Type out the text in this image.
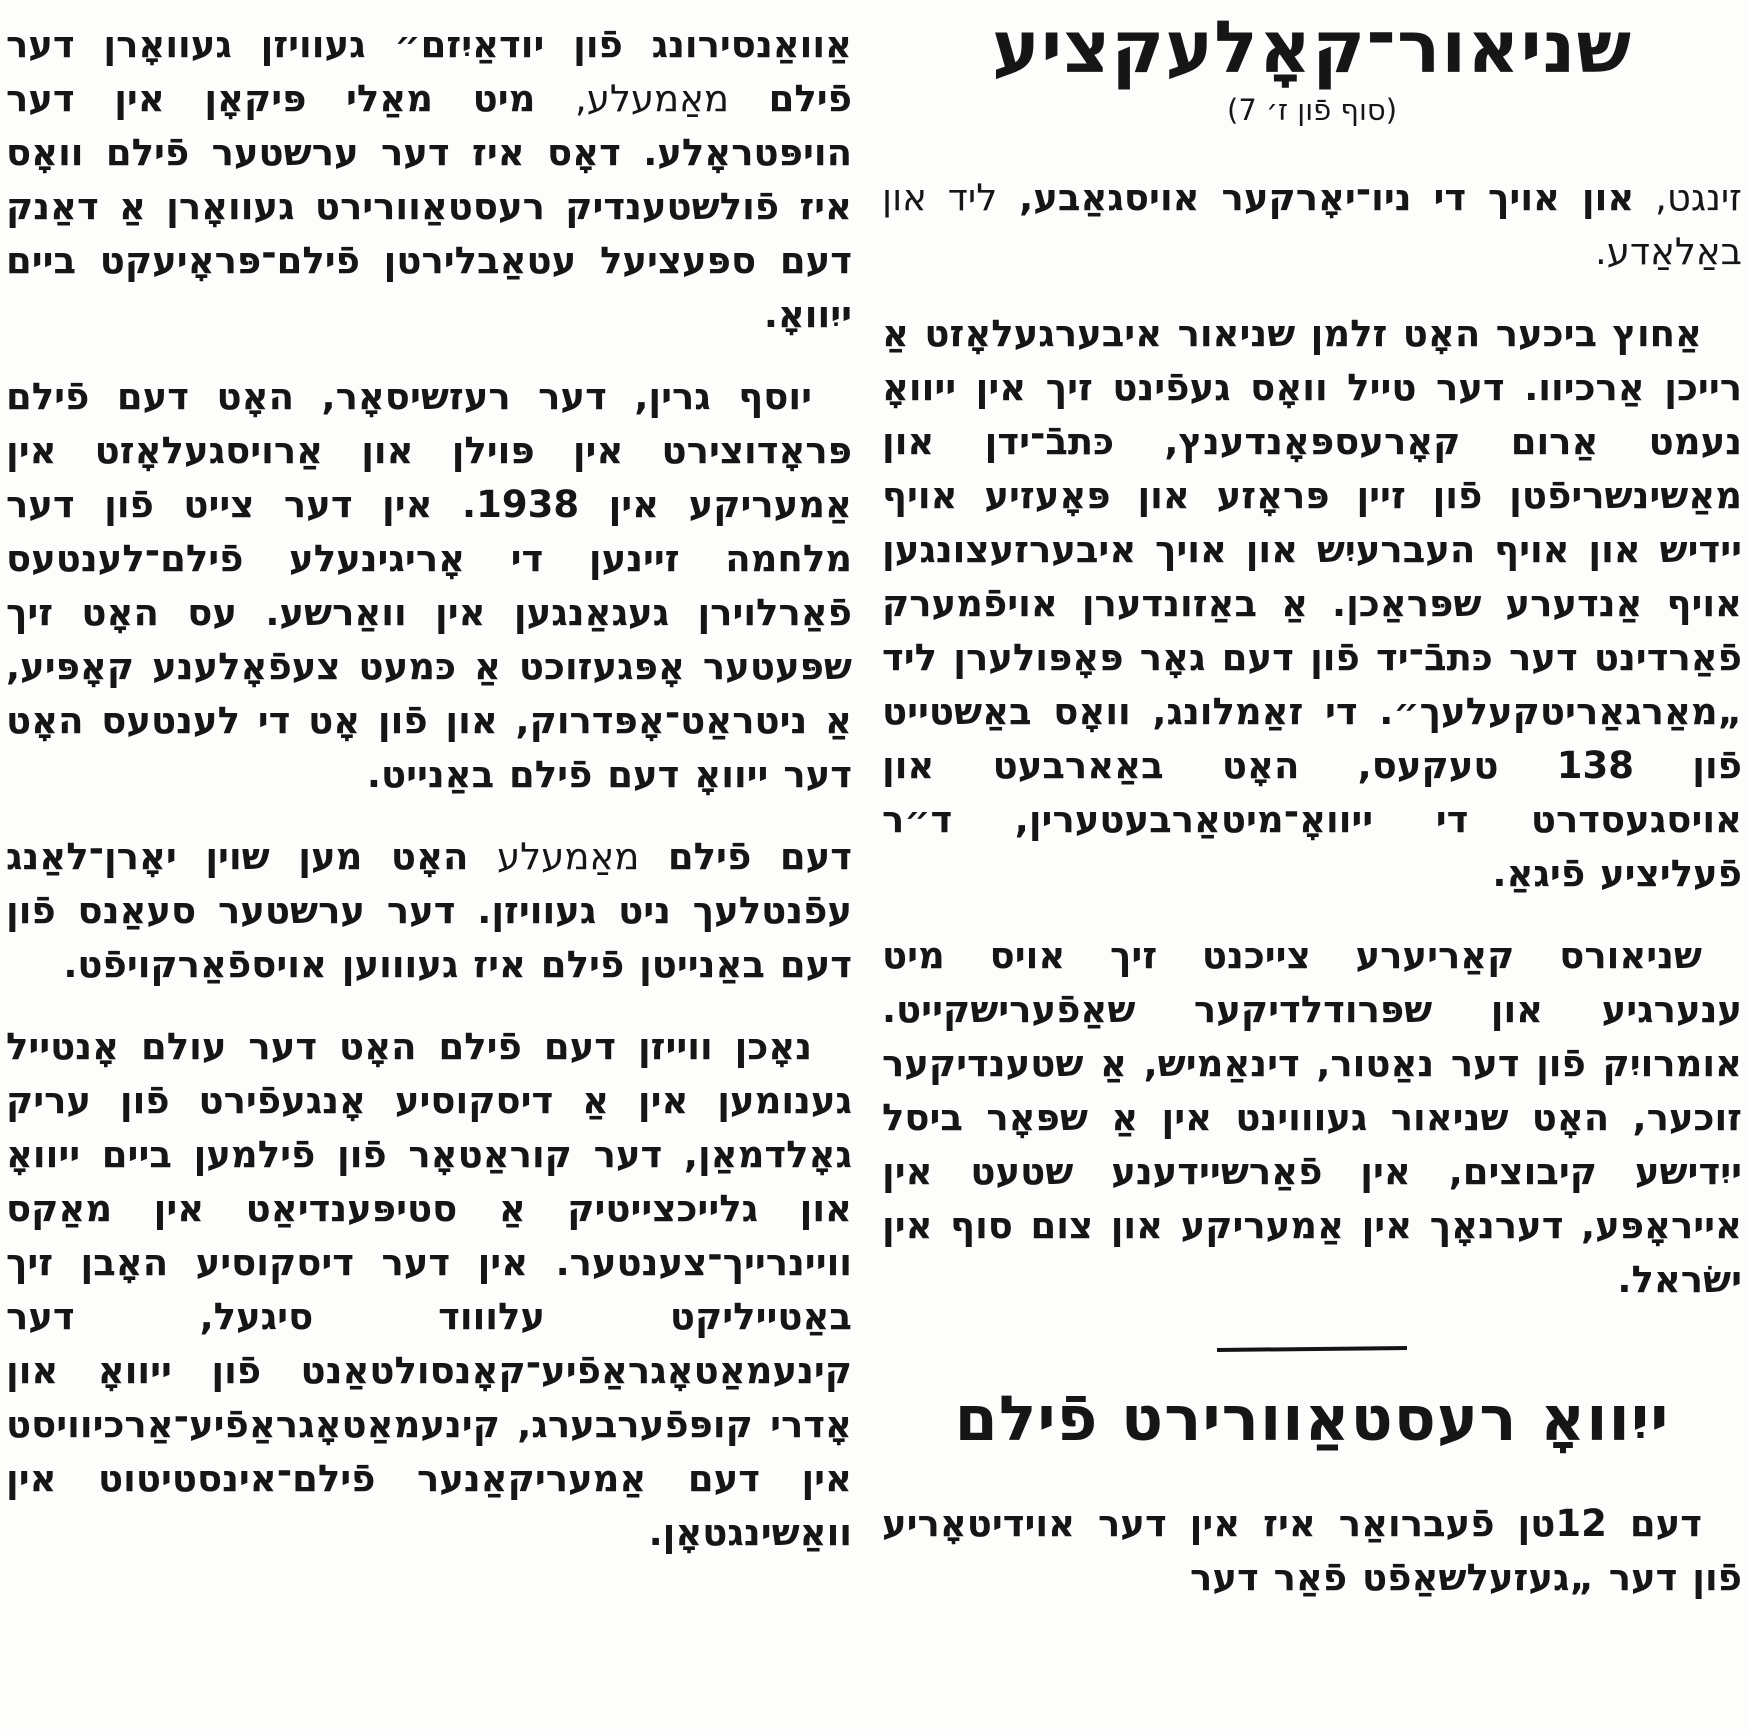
שניאור־קאָלעקציע
(סוף פֿון ז׳ 7)

זינגט, און אויך די ניו־יאָרקער אויסגאַבע, ליד און באַלאַדע.

אַחוץ ביכער האָט זלמן שניאור איבערגעלאָזט אַ רייכן אַרכיוו. דער טייל וואָס געפֿינט זיך אין ייוואָ נעמט אַרום קאָרעספּאָנדענץ, כּתבֿ־ידן און מאַשינשריפֿטן פֿון זיין פּראָזע און פּאָעזיע אויף יידיש און אויף העברעיִש און אויך איבערזעצונגען אויף אַנדערע שפּראַכן. אַ באַזונדערן אויפֿמערק פֿאַרדינט דער כּתבֿ־יד פֿון דעם גאָר פּאָפּולערן ליד „מאַרגאַריטקעלעך״. די זאַמלונג, וואָס באַשטייט פֿון 138 טעקעס, האָט באַארבעט און אויסגעסדרט די ייוואָ־מיטאַרבעטערין, ד״ר פֿעליציע פֿיגאַ.

שניאורס קאַריערע צייכנט זיך אויס מיט ענערגיע און שפּרודלדיקער שאַפֿערישקייט. אומרויִק פֿון דער נאַטור, דינאַמיש, אַ שטענדיקער זוכער, האָט שניאור געוווינט אין אַ שפּאָר ביסל ייִדישע קיבוצים, אין פֿאַרשיידענע שטעט אין אייראָפּע, דערנאָך אין אַמעריקע און צום סוף אין ישׂראל.

ייִוואָ רעסטאַוורירט פֿילם

דעם 12טן פֿעברואַר איז אין דער אוידיטאָריע פֿון דער „געזעלשאַפֿט פֿאַר דער

אַוואַנסירונג פֿון יודאַיִזם״ געוויזן געוואָרן דער פֿילם מאַמעלע, מיט מאַלי פּיקאָן אין דער הויפּטראָלע. דאָס איז דער ערשטער פֿילם וואָס איז פֿולשטענדיק רעסטאַוורירט געוואָרן אַ דאַנק דעם ספּעציעל עטאַבלירטן פֿילם־פּראָיעקט ביים ייִוואָ.

יוסף גרין, דער רעזשיסאָר, האָט דעם פֿילם פּראָדוצירט אין פּוילן און אַרויסגעלאָזט אין אַמעריקע אין 1938. אין דער צייט פֿון דער מלחמה זיינען די אָריגינעלע פֿילם־לענטעס פֿאַרלוירן געגאַנגען אין וואַרשע. עס האָט זיך שפּעטער אָפּגעזוכט אַ כּמעט צעפֿאָלענע קאָפּיע, אַ ניטראַט־אָפּדרוק, און פֿון אָט די לענטעס האָט דער ייוואָ דעם פֿילם באַנייט.

דעם פֿילם מאַמעלע האָט מען שוין יאָרן־לאַנג עפֿנטלעך ניט געוויזן. דער ערשטער סעאַנס פֿון דעם באַנייטן פֿילם איז געוווען אויספֿאַרקויפֿט.

נאָכן ווייזן דעם פֿילם האָט דער עולם אָנטייל גענומען אין אַ דיסקוסיע אָנגעפֿירט פֿון עריק גאָלדמאַן, דער קוראַטאָר פֿון פֿילמען ביים ייוואָ און גלייכצייטיק אַ סטיפּענדיאַט אין מאַקס וויינרייך־צענטער. אין דער דיסקוסיע האָבן זיך באַטייליקט עלוווד סיגעל, דער קינעמאַטאָגראַפֿיע־קאָנסולטאַנט פֿון ייוואָ און אָדרי קופּפֿערבערג, קינעמאַטאָגראַפֿיע־אַרכיוויסט אין דעם אַמעריקאַנער פֿילם־אינסטיטוט אין וואַשינגטאָן.
